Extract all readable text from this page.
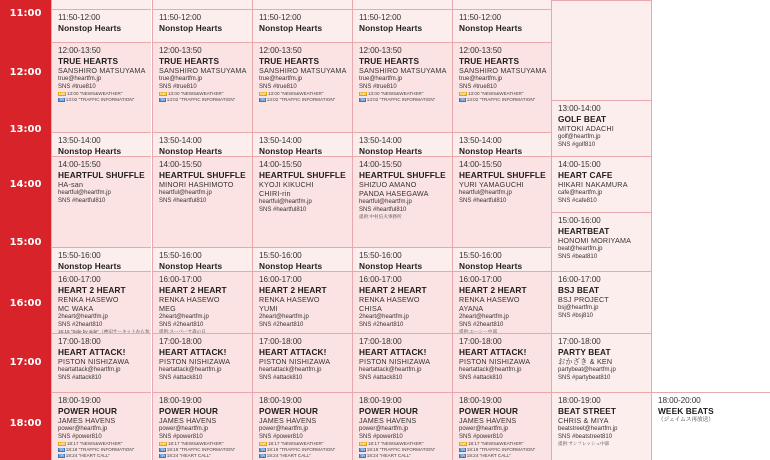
11:00
12:00
13:00
14:00
15:00
16:00
17:00
18:00
11:50-12:00
Nonstop Hearts
12:00-13:50
TRUE HEARTS
SANSHIRO MATSUYAMA
true@heartfm.jp
SNS #true810
NW 13:00 "NEWS&WEATHER"
TR 13:02 "TRAFFIC INFORMATION"
13:50-14:00
Nonstop Hearts
14:00-15:50
HEARTFUL SHUFFLE
HA-san
heartful@heartfm.jp
SNS #heartful810
15:50-16:00
Nonstop Hearts
16:00-17:00
HEART 2 HEART
RENKA HASEWO
MC WAKA
2heart@heartfm.jp
SNS #2heart810
16:15 "Side by side"（神田サーキットから参
17:00-18:00
HEART ATTACK!
PISTON NISHIZAWA
heartattack@heartfm.jp
SNS #attack810
18:00-19:00
POWER HOUR
JAMES HAVENS
power@heartfm.jp
SNS #power810
NW 18:17 "NEWS&WEATHER"
TR 18:19 "TRAFFIC INFORMATION"
TR 18:24 "HEART CALL"
11:50-12:00
Nonstop Hearts
12:00-13:50
TRUE HEARTS
SANSHIRO MATSUYAMA
true@heartfm.jp
SNS #true810
NW 13:00 "NEWS&WEATHER"
TR 13:02 "TRAFFIC INFORMATION"
13:50-14:00
Nonstop Hearts
14:00-15:50
HEARTFUL SHUFFLE
MINORI HASHIMOTO
heartful@heartfm.jp
SNS #heartful810
15:50-16:00
Nonstop Hearts
16:00-17:00
HEART 2 HEART
RENKA HASEWO
MEG
2heart@heartfm.jp
SNS #2heart810
提供:スーパーサ森の日
17:00-18:00
HEART ATTACK!
PISTON NISHIZAWA
heartattack@heartfm.jp
SNS #attack810
18:00-19:00
POWER HOUR
JAMES HAVENS
power@heartfm.jp
SNS #power810
NW 18:17 "NEWS&WEATHER"
TR 18:19 "TRAFFIC INFORMATION"
TR 18:24 "HEART CALL"
11:50-12:00
Nonstop Hearts
12:00-13:50
TRUE HEARTS
SANSHIRO MATSUYAMA
true@heartfm.jp
SNS #true810
NW 13:00 "NEWS&WEATHER"
TR 13:02 "TRAFFIC INFORMATION"
13:50-14:00
Nonstop Hearts
14:00-15:50
HEARTFUL SHUFFLE
KYOJI KIKUCHI
CHIRI-rin
heartful@heartfm.jp
SNS #heartful810
15:50-16:00
Nonstop Hearts
16:00-17:00
HEART 2 HEART
RENKA HASEWO
YUMI
2heart@heartfm.jp
SNS #2heart810
17:00-18:00
HEART ATTACK!
PISTON NISHIZAWA
heartattack@heartfm.jp
SNS #attack810
18:00-19:00
POWER HOUR
JAMES HAVENS
power@heartfm.jp
SNS #power810
NW 18:17 "NEWS&WEATHER"
TR 18:19 "TRAFFIC INFORMATION"
TR 18:24 "HEART CALL"
11:50-12:00
Nonstop Hearts
12:00-13:50
TRUE HEARTS
SANSHIRO MATSUYAMA
true@heartfm.jp
SNS #true810
NW 13:00 "NEWS&WEATHER"
TR 13:02 "TRAFFIC INFORMATION"
13:50-14:00
Nonstop Hearts
14:00-15:50
HEARTFUL SHUFFLE
SHIZUO AMANO
PANDA HASEGAWA
heartful@heartfm.jp
SNS #heartful810
提供:中村信夫事務所
15:50-16:00
Nonstop Hearts
16:00-17:00
HEART 2 HEART
RENKA HASEWO
CHISA
2heart@heartfm.jp
SNS #2heart810
17:00-18:00
HEART ATTACK!
PISTON NISHIZAWA
heartattack@heartfm.jp
SNS #attack810
18:00-19:00
POWER HOUR
JAMES HAVENS
power@heartfm.jp
SNS #power810
NW 18:17 "NEWS&WEATHER"
TR 18:19 "TRAFFIC INFORMATION"
TR 18:24 "HEART CALL"
11:50-12:00
Nonstop Hearts
12:00-13:50
TRUE HEARTS
SANSHIRO MATSUYAMA
true@heartfm.jp
SNS #true810
NW 13:00 "NEWS&WEATHER"
TR 13:02 "TRAFFIC INFORMATION"
13:50-14:00
Nonstop Hearts
14:00-15:50
HEARTFUL SHUFFLE
YURI YAMAGUCHI
heartful@heartfm.jp
SNS #heartful810
15:50-16:00
Nonstop Hearts
16:00-17:00
HEART 2 HEART
RENKA HASEWO
AYANA
2heart@heartfm.jp
SNS #2heart810
提供:エーシー中部
17:00-18:00
HEART ATTACK!
PISTON NISHIZAWA
heartattack@heartfm.jp
SNS #attack810
18:00-19:00
POWER HOUR
JAMES HAVENS
power@heartfm.jp
SNS #power810
NW 18:17 "NEWS&WEATHER"
TR 18:19 "TRAFFIC INFORMATION"
TR 18:24 "HEART CALL"
13:00-14:00
GOLF BEAT
MITOKI ADACHI
golf@heartfm.jp
SNS #golf810
14:00-15:00
HEART CAFE
HIKARI NAKAMURA
cafe@heartfm.jp
SNS #cafe810
15:00-16:00
HEARTBEAT
HONOMI MORIYAMA
beat@heartfm.jp
SNS #beat810
16:00-17:00
BSJ BEAT
BSJ PROJECT
bsj@heartfm.jp
SNS #bsj810
17:00-18:00
PARTY BEAT
おかざき & KEN
partybeat@heartfm.jp
SNS #partybeat810
18:00-19:00
BEAT STREET
CHRIS & MIYA
beatstreet@heartfm.jp
SNS #beatstreet810
提供:サンフレッシュ中部
18:00-20:00
WEEK BEATS
（ジェイムス再放送）
